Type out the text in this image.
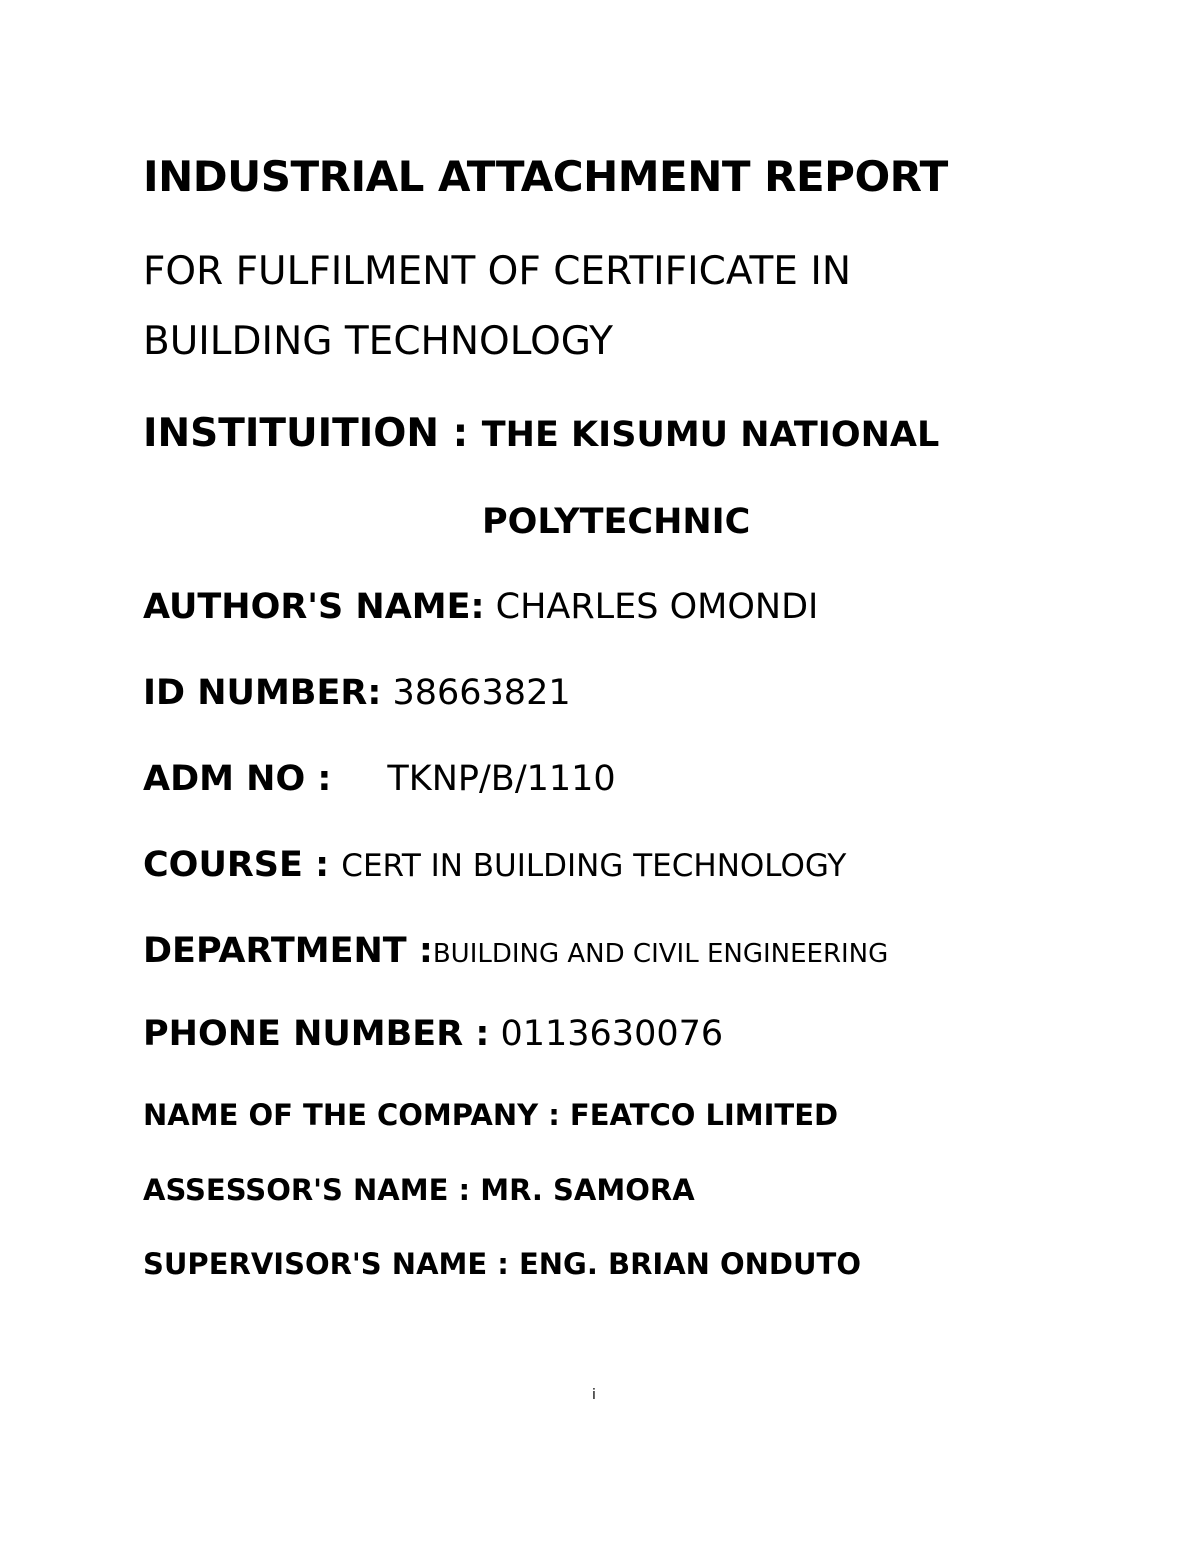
INDUSTRIAL ATTACHMENT REPORT
FOR FULFILMENT OF CERTIFICATE IN
BUILDING TECHNOLOGY
INSTITUITION : THE KISUMU NATIONAL
POLYTECHNIC
AUTHOR'S NAME: CHARLES OMONDI
ID NUMBER: 38663821
ADM NO : TKNP/B/1110
COURSE : CERT IN BUILDING TECHNOLOGY
DEPARTMENT :BUILDING AND CIVIL ENGINEERING
PHONE NUMBER : 0113630076
NAME OF THE COMPANY : FEATCO LIMITED
ASSESSOR'S NAME : MR. SAMORA
SUPERVISOR'S NAME : ENG. BRIAN ONDUTO
i
